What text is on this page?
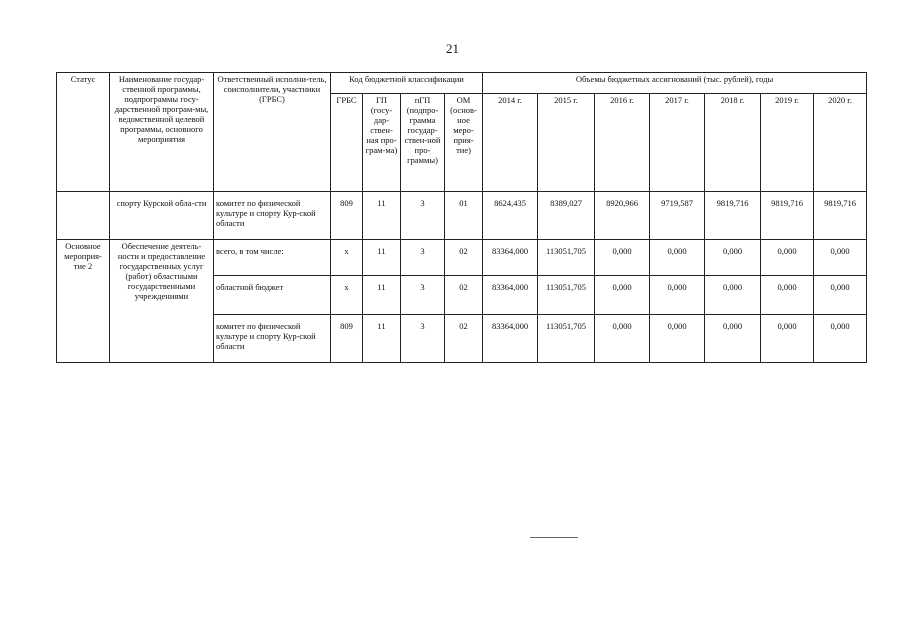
21
Статус	Наименование государ-ственной программы, подпрограммы госу-дарственной програм-мы, ведомственной целевой программы, основного мероприятия	Ответственный исполни-тель, соисполнители, участники (ГРБС)	Код бюджетной классификации				Объемы бюджетных ассигнований (тыс. рублей), годы						
			ГРБС	ГП (госу-дар-ствен-ная про-грам-ма)	пГП (подпро-грамма государ-ствен-ной про-граммы)	ОМ (основ-ное меро-прия-тие)	2014 г.	2015 г.	2016 г.	2017 г.	2018 г.	2019 г.	2020 г.
	спорту Курской обла-сти	комитет по физической культуре и спорту Кур-ской области	809	11	3	01	8624,435	8389,027	8920,966	9719,587	9819,716	9819,716	9819,716
Основное мероприя-тие 2	Обеспечение деятель-ности и предоставление государственных услуг (работ) областными государственными учреждениями	всего, в том числе:	х	11	3	02	83364,000	113051,705	0,000	0,000	0,000	0,000	0,000
		областной бюджет	х	11	3	02	83364,000	113051,705	0,000	0,000	0,000	0,000	0,000
		комитет по физической культуре и спорту Кур-ской области	809	11	3	02	83364,000	113051,705	0,000	0,000	0,000	0,000	0,000
